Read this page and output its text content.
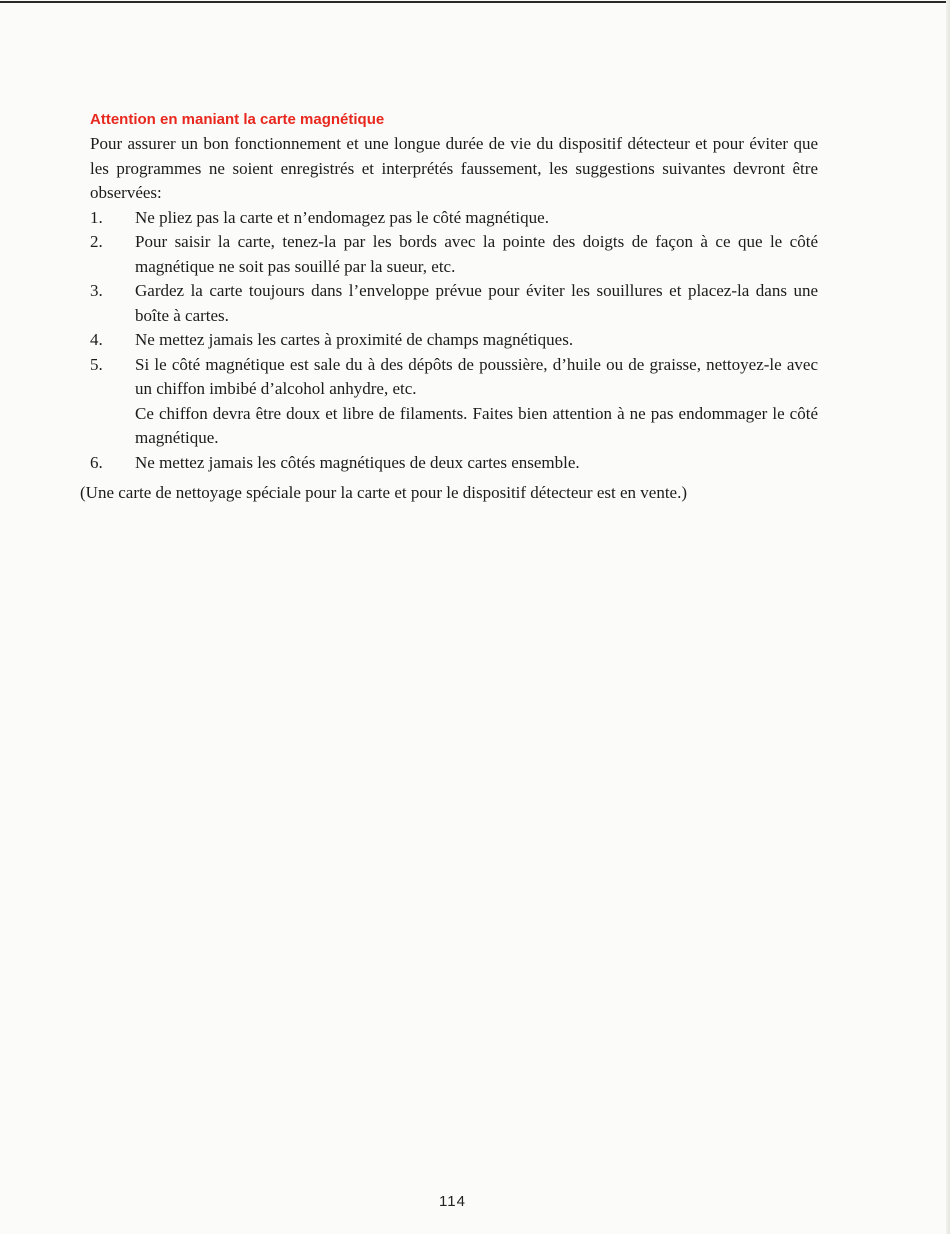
Attention en maniant la carte magnétique

Pour assurer un bon fonctionnement et une longue durée de vie du dispositif détecteur et pour éviter que les programmes ne soient enregistrés et interprétés faussement, les suggestions suivantes devront être observées:

1.	Ne pliez pas la carte et n’endomagez pas le côté magnétique.

2.	Pour saisir la carte, tenez-la par les bords avec la pointe des doigts de façon à ce que le côté magnétique ne soit pas souillé par la sueur, etc.

3.	Gardez la carte toujours dans l’enveloppe prévue pour éviter les souillures et placez-la dans une boîte à cartes.

4.	Ne mettez jamais les cartes à proximité de champs magnétiques.

5.	Si le côté magnétique est sale du à des dépôts de poussière, d’huile ou de graisse, nettoyez-le avec un chiffon imbibé d’alcohol anhydre, etc.

Ce chiffon devra être doux et libre de filaments. Faites bien attention à ne pas endommager le côté magnétique.

6.	Ne mettez jamais les côtés magnétiques de deux cartes ensemble.

(Une carte de nettoyage spéciale pour la carte et pour le dispositif détecteur est en vente.)

114
